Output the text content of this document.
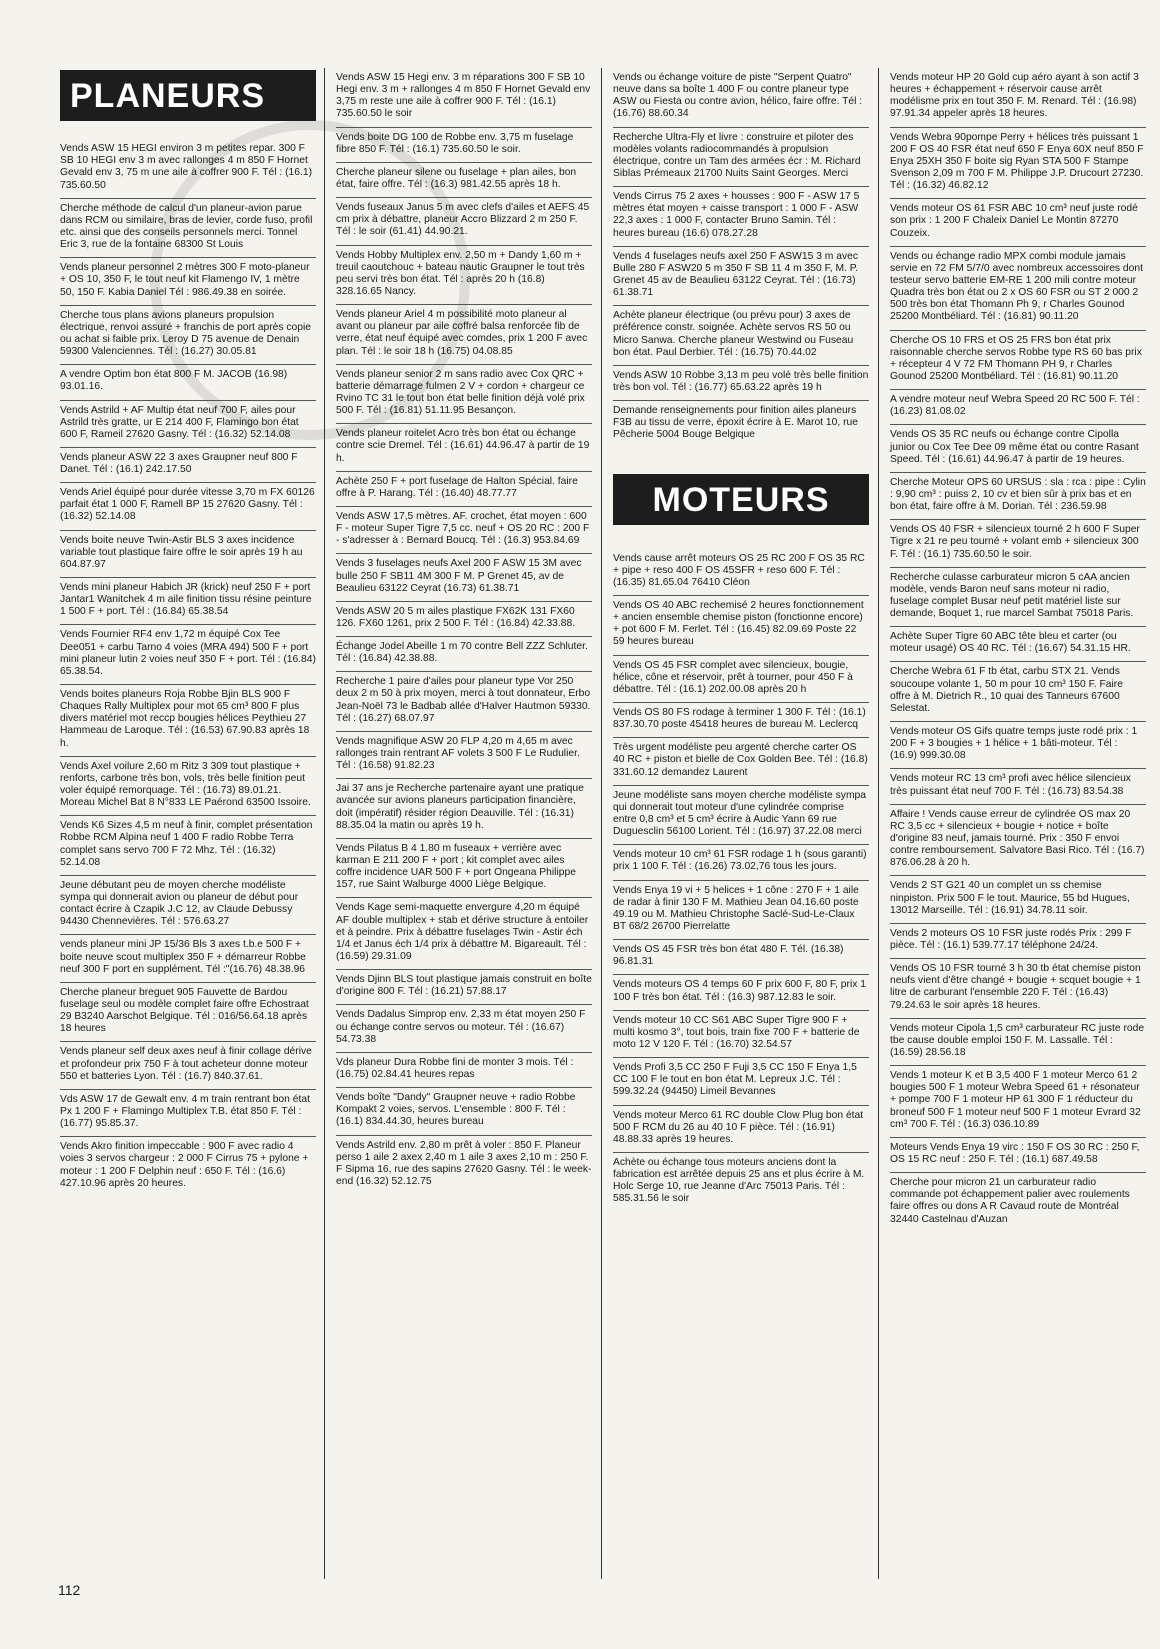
PLANEURS

Vends ASW 15 HEGI environ 3 m petites repar. 300 F SB 10 HEGI env 3 m avec rallonges 4 m 850 F Hornet Gevald env 3, 75 m une aile à coffrer 900 F. Tél : (16.1) 735.60.50

Cherche méthode de calcul d'un planeur-avion parue dans RCM ou similaire, bras de levier, corde fuso, profil etc. ainsi que des conseils personnels merci. Tonnel Eric 3, rue de la fontaine 68300 St Louis

Vends planeur personnel 2 mètres 300 F moto-planeur + OS 10, 350 F, le tout neuf kit Flamengo IV, 1 mètre 50, 150 F. Kabia Daniel Tél : 986.49.38 en soirée.

Cherche tous plans avions planeurs propulsion électrique, renvoi assuré + franchis de port après copie ou achat si faible prix. Leroy D 75 avenue de Denain 59300 Valenciennes. Tél : (16.27) 30.05.81

A vendre Optim bon état 800 F M. JACOB (16.98) 93.01.16.

Vends Astrild + AF Multip état neuf 700 F, ailes pour Astrild très gratte, ur E 214 400 F, Flamingo bon état 600 F, Rameil 27620 Gasny. Tél : (16.32) 52.14.08

Vends planeur ASW 22 3 axes Graupner neuf 800 F Danet. Tél : (16.1) 242.17.50

Vends Ariel équipé pour durée vitesse 3,70 m FX 60126 parfait état 1 000 F, Ramell BP 15 27620 Gasny. Tél : (16.32) 52.14.08

Vends boite neuve Twin-Astir BLS 3 axes incidence variable tout plastique faire offre le soir après 19 h au 604.87.97

Vends mini planeur Habich JR (krick) neuf 250 F + port Jantar1 Wanitchek 4 m aile finition tissu résine peinture 1 500 F + port. Tél : (16.84) 65.38.54

Vends Fournier RF4 env 1,72 m équipé Cox Tee Dee051 + carbu Tarno 4 voies (MRA 494) 500 F + port mini planeur lutin 2 voies neuf 350 F + port. Tél : (16.84) 65.38.54.

Vends boites planeurs Roja Robbe Bjin BLS 900 F Chaques Rally Multiplex pour mot 65 cm³ 800 F plus divers matériel mot reccp bougies hélices Peythieu 27 Hammeau de Laroque. Tél : (16.53) 67.90.83 après 18 h.

Vends Axel voilure 2,60 m Ritz 3 309 tout plastique + renforts, carbone très bon, vols, très belle finition peut voler équipé remorquage. Tél : (16.73) 89.01.21. Moreau Michel Bat 8 N°833 LE Paérond 63500 Issoire.

Vends K6 Sizes 4,5 m neuf à finir, complet présentation Robbe RCM Alpina neuf 1 400 F radio Robbe Terra complet sans servo 700 F 72 Mhz. Tél : (16.32) 52.14.08

Jeune débutant peu de moyen cherche modéliste sympa qui donnerait avion ou planeur de début pour contact écrire à Czapik J.C 12, av Claude Debussy 94430 Chennevières. Tél : 576.63.27

vends planeur mini JP 15/36 Bls 3 axes t.b.e 500 F + boite neuve scout multiplex 350 F + démarreur Robbe neuf 300 F port en supplément. Tél :"(16.76) 48.38.96

Cherche planeur breguet 905 Fauvette de Bardou fuselage seul ou modèle complet faire offre Echostraat 29 B3240 Aarschot Belgique. Tél : 016/56.64.18 après 18 heures

Vends planeur self deux axes neuf à finir collage dérive et profondeur prix 750 F à tout acheteur donne moteur 550 et batteries Lyon. Tél : (16.7) 840.37.61.

Vds ASW 17 de Gewalt env. 4 m train rentrant bon état Px 1 200 F + Flamingo Multiplex T.B. état 850 F. Tél : (16.77) 95.85.37.

Vends Akro finition impeccable : 900 F avec radio 4 voies 3 servos chargeur : 2 000 F Cirrus 75 + pylone + moteur : 1 200 F Delphin neuf : 650 F. Tél : (16.6) 427.10.96 après 20 heures.

Vends ASW 15 Hegi env. 3 m réparations 300 F SB 10 Hegi env. 3 m + rallonges 4 m 850 F Hornet Gevald env 3,75 m reste une aile à coffrer 900 F. Tél : (16.1) 735.60.50 le soir

Vends boite DG 100 de Robbe env. 3,75 m fuselage fibre 850 F. Tél : (16.1) 735.60.50 le soir.

Cherche planeur silene ou fuselage + plan ailes, bon état, faire offre. Tél : (16.3) 981.42.55 après 18 h.

Vends fuseaux Janus 5 m avec clefs d'ailes et AEFS 45 cm prix à débattre, planeur Accro Blizzard 2 m 250 F. Tél : le soir (61.41) 44.90.21.

Vends Hobby Multiplex env. 2,50 m + Dandy 1,60 m + treuil caoutchouc + bateau nautic Graupner le tout très peu servi très bon état. Tél : après 20 h (16.8) 328.16.65 Nancy.

Vends planeur Ariel 4 m possibilité moto planeur al avant ou planeur par aile coffré balsa renforcée fib de verre, état neuf équipé avec comdes, prix 1 200 F avec plan. Tél : le soir 18 h (16.75) 04.08.85

Vends planeur senior 2 m sans radio avec Cox QRC + batterie démarrage fulmen 2 V + cordon + chargeur ce Rvino TC 31 le tout bon état belle finition déjà volé prix 500 F. Tél : (16.81) 51.11.95 Besançon.

Vends planeur roitelet Acro très bon état ou échange contre scie Dremel. Tél : (16.61) 44.96.47 à partir de 19 h.

Achète 250 F + port fuselage de Halton Spécial. faire offre à P. Harang. Tél : (16.40) 48.77.77

Vends ASW 17,5 mètres. AF. crochet, état moyen : 600 F - moteur Super Tigre 7,5 cc. neuf + OS 20 RC : 200 F - s'adresser à : Bernard Boucq. Tél : (16.3) 953.84.69

Vends 3 fuselages neufs Axel 200 F ASW 15 3M avec bulle 250 F SB11 4M 300 F M. P Grenet 45, av de Beaulieu 63122 Ceyrat (16.73) 61.38.71

Vends ASW 20 5 m ailes plastique FX62K 131 FX60 126. FX60 1261, prix 2 500 F. Tél : (16.84) 42.33.88.

Échange Jodel Abeille 1 m 70 contre Bell ZZZ Schluter. Tél : (16.84) 42.38.88.

Recherche 1 paire d'ailes pour planeur type Vor 250 deux 2 m 50 à prix moyen, merci à tout donnateur, Erbo Jean-Noël 73 le Badbab allée d'Halver Hautmon 59330. Tél : (16.27) 68.07.97

Vends magnifique ASW 20 FLP 4,20 m 4,65 m avec rallonges train rentrant AF volets 3 500 F Le Rudulier. Tél : (16.58) 91.82.23

Jai 37 ans je Recherche partenaire ayant une pratique avancée sur avions planeurs participation financière, doit (impératif) résider région Deauville. Tél : (16.31) 88.35.04 la matin ou après 19 h.

Vends Pilatus B 4 1.80 m fuseaux + verrière avec karman E 211 200 F + port ; kit complet avec ailes coffre incidence UAR 500 F + port Ongeana Philippe 157, rue Saint Walburge 4000 Liège Belgique.

Vends Kage semi-maquette envergure 4,20 m équipé AF double multiplex + stab et dérive structure à entoiler et à peindre. Prix à débattre fuselages Twin - Astir éch 1/4 et Janus éch 1/4 prix à débattre M. Bigareault. Tél : (16.59) 29.31.09

Vends Djinn BLS tout plastique jamais construit en boîte d'origine 800 F. Tél : (16.21) 57.88.17

Vends Dadalus Simprop env. 2,33 m état moyen 250 F ou échange contre servos ou moteur. Tél : (16.67) 54.73.38

Vds planeur Dura Robbe fini de monter 3 mois. Tél : (16.75) 02.84.41 heures repas

Vends boîte "Dandy" Graupner neuve + radio Robbe Kompakt 2 voies, servos. L'ensemble : 800 F. Tél : (16.1) 834.44.30, heures bureau

Vends Astrild env. 2,80 m prêt à voler : 850 F. Planeur perso 1 aile 2 axex 2,40 m 1 aile 3 axes 2,10 m : 250 F. F Sipma 16, rue des sapins 27620 Gasny. Tél : le week-end (16.32) 52.12.75

Vends ou échange voiture de piste "Serpent Quatro" neuve dans sa boîte 1 400 F ou contre planeur type ASW ou Fiesta ou contre avion, hélico, faire offre. Tél : (16.76) 88.60.34

Recherche Ultra-Fly et livre : construire et piloter des modèles volants radiocommandés à propulsion électrique, contre un Tam des armées écr : M. Richard Siblas Prémeaux 21700 Nuits Saint Georges. Merci

Vends Cirrus 75 2 axes + housses : 900 F - ASW 17 5 mètres état moyen + caisse transport : 1 000 F - ASW 22,3 axes : 1 000 F, contacter Bruno Samin. Tél : heures bureau (16.6) 078.27.28

Vends 4 fuselages neufs axel 250 F ASW15 3 m avec Bulle 280 F ASW20 5 m 350 F SB 11 4 m 350 F, M. P. Grenet 45 av de Beaulieu 63122 Ceyrat. Tél : (16.73) 61.38.71

Achète planeur électrique (ou prévu pour) 3 axes de préférence constr. soignée. Achète servos RS 50 ou Micro Sanwa. Cherche planeur Westwind ou Fuseau bon état. Paul Derbier. Tél : (16.75) 70.44.02

Vends ASW 10 Robbe 3,13 m peu volé très belle finition très bon vol. Tél : (16.77) 65.63.22 après 19 h

Demande renseignements pour finition ailes planeurs F3B au tissu de verre, époxit écrire à E. Marot 10, rue Pêcherie 5004 Bouge Belgique

MOTEURS

Vends cause arrêt moteurs OS 25 RC 200 F OS 35 RC + pipe + reso 400 F OS 45SFR + reso 600 F. Tél : (16.35) 81.65.04 76410 Cléon

Vends OS 40 ABC rechemisé 2 heures fonctionnement + ancien ensemble chemise piston (fonctionne encore) + pot 600 F M. Ferlet. Tél : (16.45) 82.09.69 Poste 22 59 heures bureau

Vends OS 45 FSR complet avec silencieux, bougie, hélice, cône et réservoir, prêt à tourner, pour 450 F à débattre. Tél : (16.1) 202.00.08 après 20 h

Vends OS 80 FS rodage à terminer 1 300 F. Tél : (16.1) 837.30.70 poste 45418 heures de bureau M. Leclercq

Très urgent modéliste peu argenté cherche carter OS 40 RC + piston et bielle de Cox Golden Bee. Tél : (16.8) 331.60.12 demandez Laurent

Jeune modéliste sans moyen cherche modéliste sympa qui donnerait tout moteur d'une cylindrée comprise entre 0,8 cm³ et 5 cm³ écrire à Audic Yann 69 rue Duguesclin 56100 Lorient. Tél : (16.97) 37.22.08 merci

Vends moteur 10 cm³ 61 FSR rodage 1 h (sous garanti) prix 1 100 F. Tél : (16.26) 73.02,76 tous les jours.

Vends Enya 19 vi + 5 helices + 1 cône : 270 F + 1 aile de radar à finir 130 F M. Mathieu Jean 04.16.60 poste 49.19 ou M. Mathieu Christophe Saclé-Sud-Le-Claux BT 68/2 26700 Pierrelatte

Vends OS 45 FSR très bon état 480 F. Tél. (16.38) 96.81.31

Vends moteurs OS 4 temps 60 F prix 600 F, 80 F, prix 1 100 F très bon état. Tél : (16.3) 987.12.83 le soir.

Vends moteur 10 CC S61 ABC Super Tigre 900 F + multi kosmo 3°, tout bois, train fixe 700 F + batterie de moto 12 V 120 F. Tél : (16.70) 32.54.57

Vends Profi 3,5 CC 250 F Fuji 3,5 CC 150 F Enya 1,5 CC 100 F le tout en bon état M. Lepreux J.C. Tél : 599.32.24 (94450) Limeil Bevannes

Vends moteur Merco 61 RC double Clow Plug bon état 500 F RCM du 26 au 40 10 F pièce. Tél : (16.91) 48.88.33 après 19 heures.

Achète ou échange tous moteurs anciens dont la fabrication est arrêtée depuis 25 ans et plus écrire à M. Holc Serge 10, rue Jeanne d'Arc 75013 Paris. Tél : 585.31.56 le soir

Vends moteur HP 20 Gold cup aéro ayant à son actif 3 heures + échappement + réservoir cause arrêt modélisme prix en tout 350 F. M. Renard. Tél : (16.98) 97.91.34 appeler après 18 heures.

Vends Webra 90pompe Perry + hélices très puissant 1 200 F OS 40 FSR état neuf 650 F Enya 60X neuf 850 F Enya 25XH 350 F boite sig Ryan STA 500 F Stampe Svenson 2,09 m 700 F M. Philippe J.P. Drucourt 27230. Tél : (16.32) 46.82.12

Vends moteur OS 61 FSR ABC 10 cm³ neuf juste rodé son prix : 1 200 F Chaleix Daniel Le Montin 87270 Couzeix.

Vends ou échange radio MPX combi module jamais servie en 72 FM 5/7/0 avec nombreux accessoires dont testeur servo batterie EM-RE 1 200 mili contre moteur Quadra très bon état ou 2 x OS 60 FSR ou ST 2 000 2 500 très bon état Thomann Ph 9, r Charles Gounod 25200 Montbéliard. Tél : (16.81) 90.11.20

Cherche OS 10 FRS et OS 25 FRS bon état prix raisonnable cherche servos Robbe type RS 60 bas prix + récepteur 4 V 72 FM Thomann PH 9, r Charles Gounod 25200 Montbéliard. Tél : (16.81) 90.11.20

A vendre moteur neuf Webra Speed 20 RC 500 F. Tél : (16.23) 81.08.02

Vends OS 35 RC neufs ou échange contre Cipolla junior ou Cox Tee Dee 09 même état ou contre Rasant Speed. Tél : (16.61) 44.96.47 à partir de 19 heures.

Cherche Moteur OPS 60 URSUS : sla : rca : pipe : Cylin : 9,90 cm³ : puiss 2, 10 cv et bien sûr à prix bas et en bon état, faire offre à M. Dorian. Tél : 236.59.98

Vends OS 40 FSR + silencieux tourné 2 h 600 F Super Tigre x 21 re peu tourné + volant emb + silencieux 300 F. Tél : (16.1) 735.60.50 le soir.

Recherche culasse carburateur micron 5 cAA ancien modèle, vends Baron neuf sans moteur ni radio, fuselage complet Busar neuf petit matériel liste sur demande, Boquet 1, rue marcel Sambat 75018 Paris.

Achète Super Tigre 60 ABC tête bleu et carter (ou moteur usagé) OS 40 RC. Tél : (16.67) 54.31.15 HR.

Cherche Webra 61 F tb état, carbu STX 21. Vends soucoupe volante 1, 50 m pour 10 cm³ 150 F. Faire offre à M. Dietrich R., 10 quai des Tanneurs 67600 Selestat.

Vends moteur OS Gifs quatre temps juste rodé prix : 1 200 F + 3 bougies + 1 hélice + 1 bâti-moteur. Tél : (16.9) 999.30.08

Vends moteur RC 13 cm³ profi avec hélice silencieux très puissant état neuf 700 F. Tél : (16.73) 83.54.38

Affaire ! Vends cause erreur de cylindrée OS max 20 RC 3,5 cc + silencieux + bougie + notice + boîte d'origine 83 neuf, jamais tourné. Prix : 350 F envoi contre remboursement. Salvatore Basi Rico. Tél : (16.7) 876.06.28 à 20 h.

Vends 2 ST G21 40 un complet un ss chemise ninpiston. Prix 500 F le tout. Maurice, 55 bd Hugues, 13012 Marseille. Tél : (16.91) 34.78.11 soir.

Vends 2 moteurs OS 10 FSR juste rodés Prix : 299 F pièce. Tél : (16.1) 539.77.17 téléphone 24/24.

Vends OS 10 FSR tourné 3 h 30 tb état chemise piston neufs vient d'être changé + bougie + scquet bougie + 1 litre de carburant l'ensemble 220 F. Tél : (16.43) 79.24.63 le soir après 18 heures.

Vends moteur Cipola 1,5 cm³ carburateur RC juste rode tbe cause double emploi 150 F. M. Lassalle. Tél : (16.59) 28.56.18

Vends 1 moteur K et B 3,5 400 F 1 moteur Merco 61 2 bougies 500 F 1 moteur Webra Speed 61 + résonateur + pompe 700 F 1 moteur HP 61 300 F 1 réducteur du broneuf 500 F 1 moteur neuf 500 F 1 moteur Evrard 32 cm³ 700 F. Tél : (16.3) 036.10.89

Moteurs Vends Enya 19 virc : 150 F OS 30 RC : 250 F, OS 15 RC neuf : 250 F. Tél : (16.1) 687.49.58

Cherche pour micron 21 un carburateur radio commande pot échappement palier avec roulements faire offres ou dons A R Cavaud route de Montréal 32440 Castelnau d'Auzan

112
